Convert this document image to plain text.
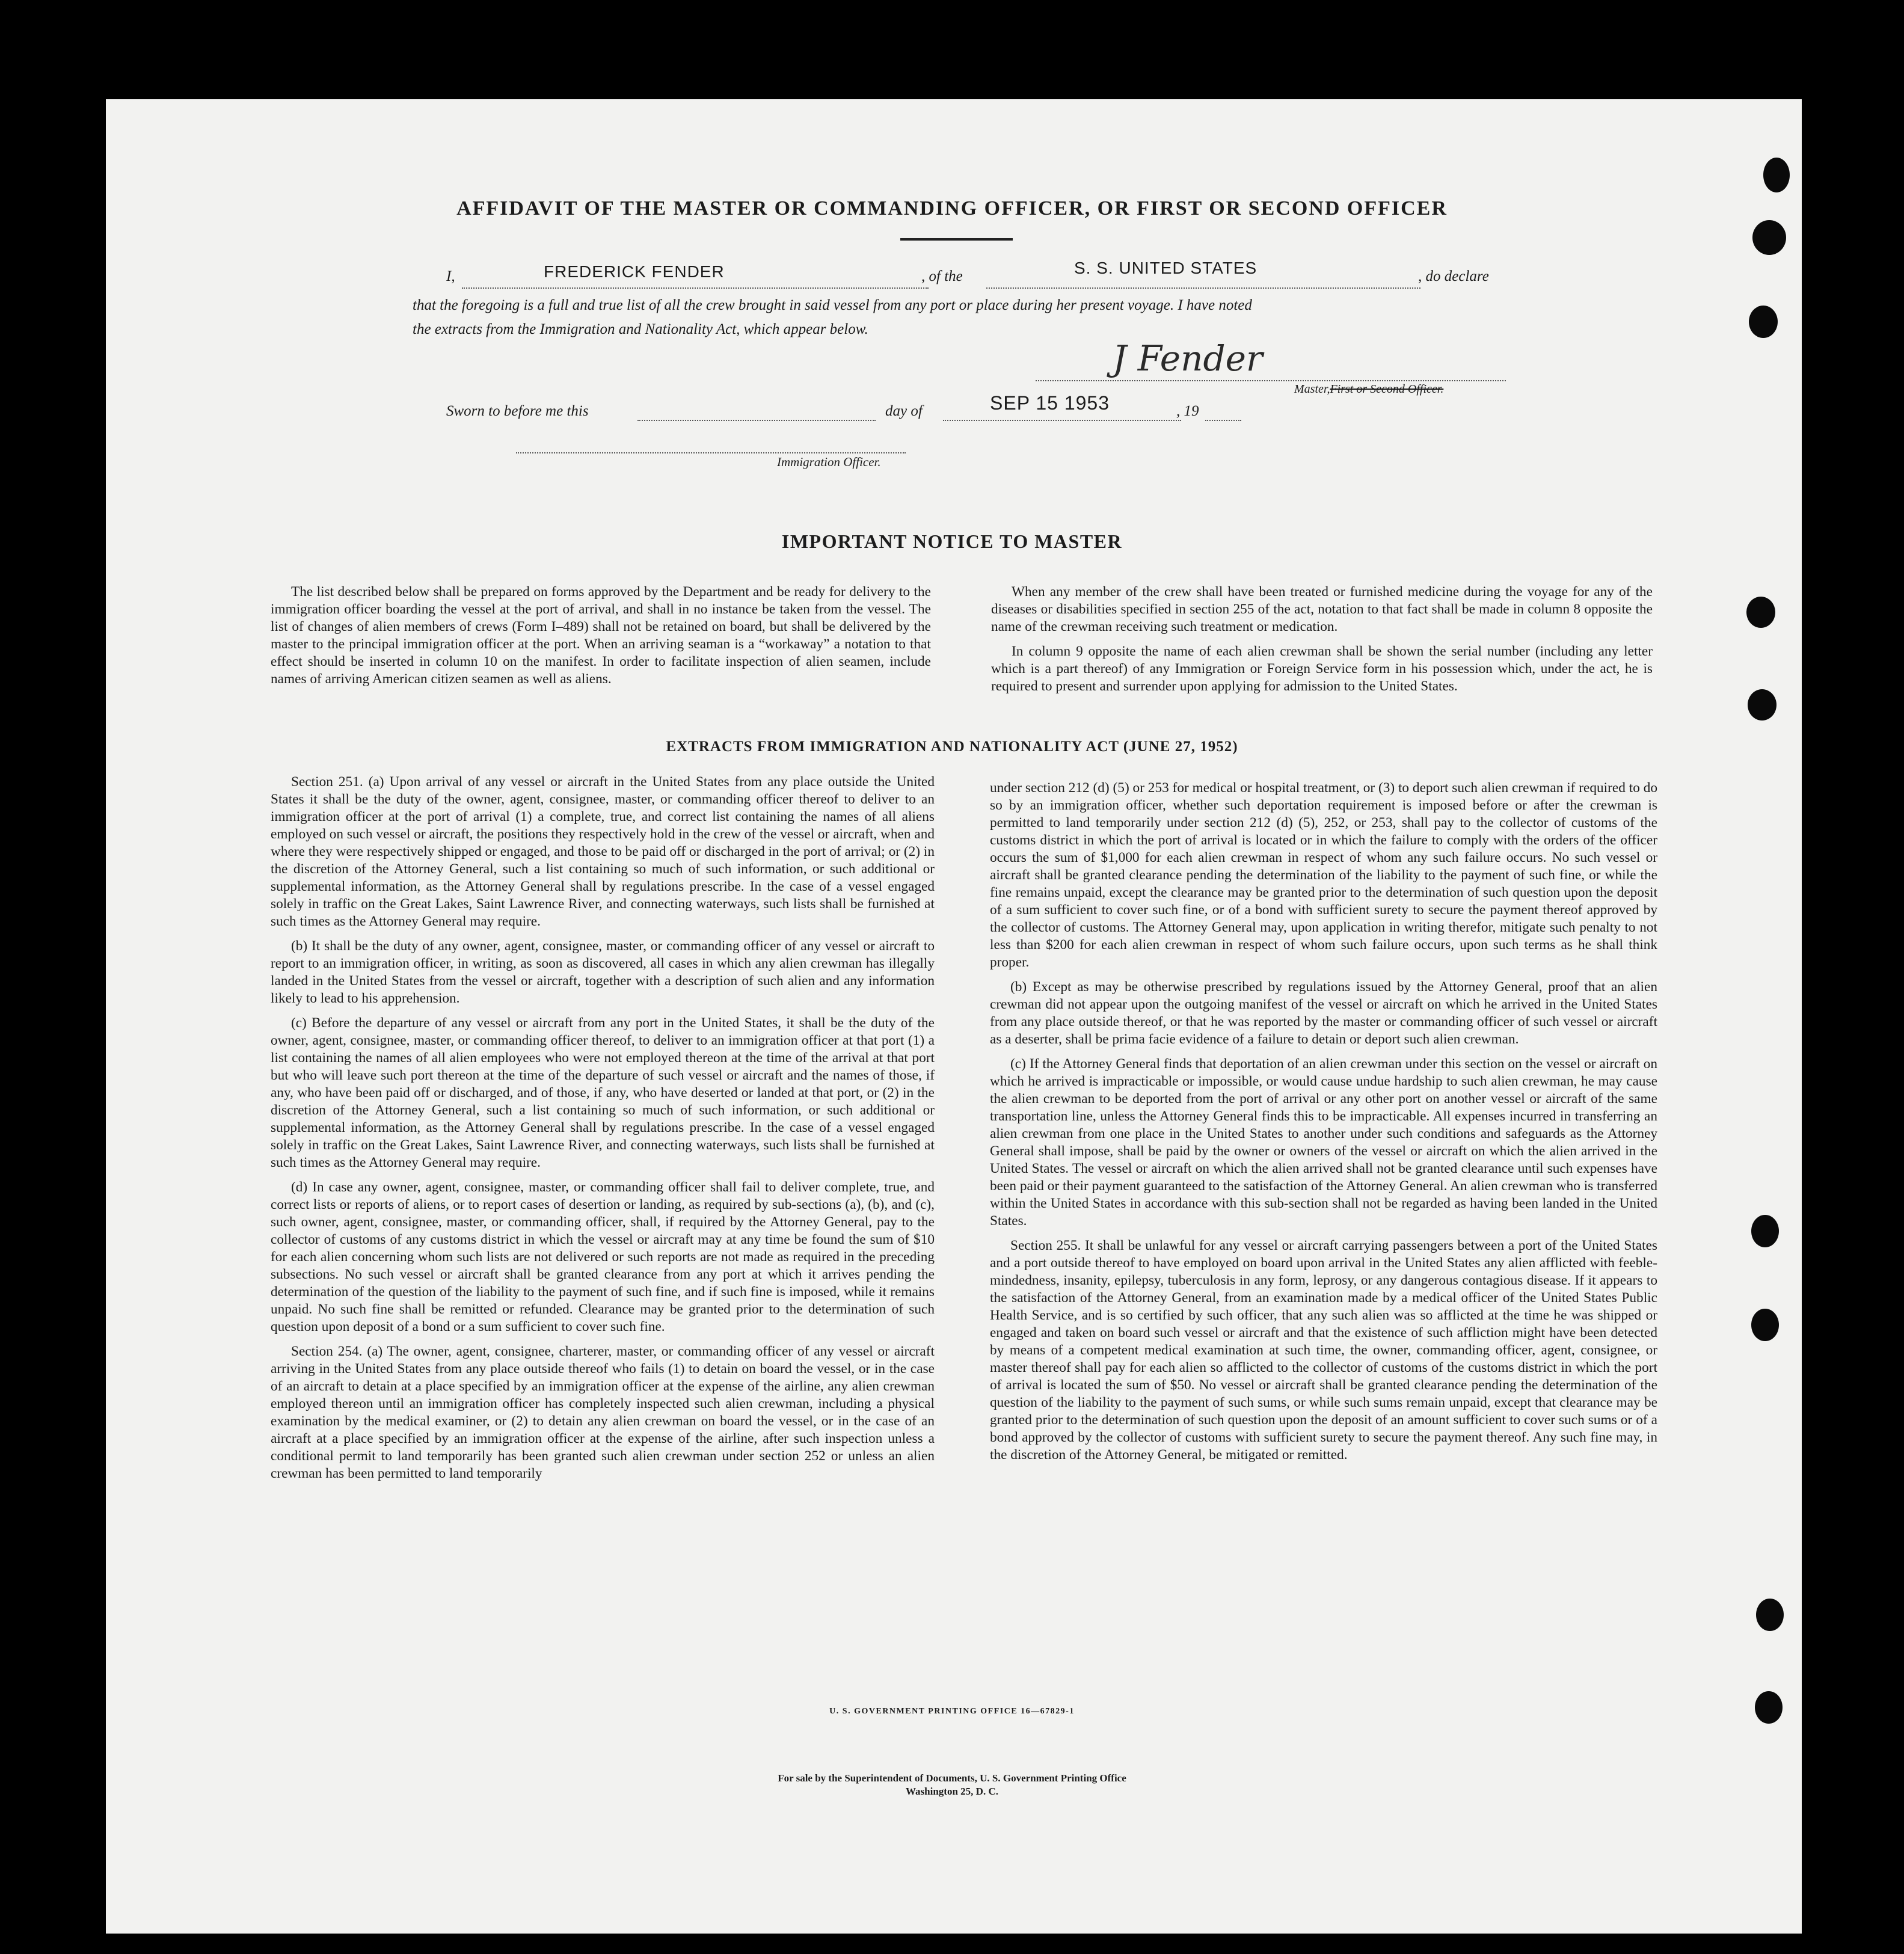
AFFIDAVIT OF THE MASTER OR COMMANDING OFFICER, OR FIRST OR SECOND OFFICER
I,	FREDERICK FENDER	, of the	S. S. UNITED STATES	, do declare
that the foregoing is a full and true list of all the crew brought in said vessel from any port or place during her present voyage. I have noted
the extracts from the Immigration and Nationality Act, which appear below.
J Fender
Master,First or Second Officer.
Sworn to before me this	day of	SEP 15 1953	, 19
Immigration Officer.
IMPORTANT NOTICE TO MASTER

The list described below shall be prepared on forms approved by the Department and be ready for delivery to the immigration officer boarding the vessel at the port of arrival, and shall in no instance be taken from the vessel. The list of changes of alien members of crews (Form I–489) shall not be retained on board, but shall be delivered by the master to the principal immigration officer at the port. When an arriving seaman is a “workaway” a notation to that effect should be inserted in column 10 on the manifest. In order to facilitate inspection of alien seamen, include names of arriving American citizen seamen as well as aliens.

When any member of the crew shall have been treated or furnished medicine during the voyage for any of the diseases or disabilities specified in section 255 of the act, notation to that fact shall be made in column 8 opposite the name of the crewman receiving such treatment or medication.

In column 9 opposite the name of each alien crewman shall be shown the serial number (including any letter which is a part thereof) of any Immigration or Foreign Service form in his possession which, under the act, he is required to present and surrender upon applying for admission to the United States.

EXTRACTS FROM IMMIGRATION AND NATIONALITY ACT (JUNE 27, 1952)

Section 251. (a) Upon arrival of any vessel or aircraft in the United States from any place outside the United States it shall be the duty of the owner, agent, consignee, master, or commanding officer thereof to deliver to an immigration officer at the port of arrival (1) a complete, true, and correct list containing the names of all aliens employed on such vessel or aircraft, the positions they respectively hold in the crew of the vessel or aircraft, when and where they were respectively shipped or engaged, and those to be paid off or discharged in the port of arrival; or (2) in the discretion of the Attorney General, such a list containing so much of such information, or such additional or supplemental information, as the Attorney General shall by regulations prescribe. In the case of a vessel engaged solely in traffic on the Great Lakes, Saint Lawrence River, and connecting waterways, such lists shall be furnished at such times as the Attorney General may require.

(b) It shall be the duty of any owner, agent, consignee, master, or commanding officer of any vessel or aircraft to report to an immigration officer, in writing, as soon as discovered, all cases in which any alien crewman has illegally landed in the United States from the vessel or aircraft, together with a description of such alien and any information likely to lead to his apprehension.

(c) Before the departure of any vessel or aircraft from any port in the United States, it shall be the duty of the owner, agent, consignee, master, or commanding officer thereof, to deliver to an immigration officer at that port (1) a list containing the names of all alien employees who were not employed thereon at the time of the arrival at that port but who will leave such port thereon at the time of the departure of such vessel or aircraft and the names of those, if any, who have been paid off or discharged, and of those, if any, who have deserted or landed at that port, or (2) in the discretion of the Attorney General, such a list containing so much of such information, or such additional or supplemental information, as the Attorney General shall by regulations prescribe. In the case of a vessel engaged solely in traffic on the Great Lakes, Saint Lawrence River, and connecting waterways, such lists shall be furnished at such times as the Attorney General may require.

(d) In case any owner, agent, consignee, master, or commanding officer shall fail to deliver complete, true, and correct lists or reports of aliens, or to report cases of desertion or landing, as required by sub-sections (a), (b), and (c), such owner, agent, consignee, master, or commanding officer, shall, if required by the Attorney General, pay to the collector of customs of any customs district in which the vessel or aircraft may at any time be found the sum of $10 for each alien concerning whom such lists are not delivered or such reports are not made as required in the preceding subsections. No such vessel or aircraft shall be granted clearance from any port at which it arrives pending the determination of the question of the liability to the payment of such fine, and if such fine is imposed, while it remains unpaid. No such fine shall be remitted or refunded. Clearance may be granted prior to the determination of such question upon deposit of a bond or a sum sufficient to cover such fine.

Section 254. (a) The owner, agent, consignee, charterer, master, or commanding officer of any vessel or aircraft arriving in the United States from any place outside thereof who fails (1) to detain on board the vessel, or in the case of an aircraft to detain at a place specified by an immigration officer at the expense of the airline, any alien crewman employed thereon until an immigration officer has completely inspected such alien crewman, including a physical examination by the medical examiner, or (2) to detain any alien crewman on board the vessel, or in the case of an aircraft at a place specified by an immigration officer at the expense of the airline, after such inspection unless a conditional permit to land temporarily has been granted such alien crewman under section 252 or unless an alien crewman has been permitted to land temporarily

under section 212 (d) (5) or 253 for medical or hospital treatment, or (3) to deport such alien crewman if required to do so by an immigration officer, whether such deportation requirement is imposed before or after the crewman is permitted to land temporarily under section 212 (d) (5), 252, or 253, shall pay to the collector of customs of the customs district in which the port of arrival is located or in which the failure to comply with the orders of the officer occurs the sum of $1,000 for each alien crewman in respect of whom any such failure occurs. No such vessel or aircraft shall be granted clearance pending the determination of the liability to the payment of such fine, or while the fine remains unpaid, except the clearance may be granted prior to the determination of such question upon the deposit of a sum sufficient to cover such fine, or of a bond with sufficient surety to secure the payment thereof approved by the collector of customs. The Attorney General may, upon application in writing therefor, mitigate such penalty to not less than $200 for each alien crewman in respect of whom such failure occurs, upon such terms as he shall think proper.

(b) Except as may be otherwise prescribed by regulations issued by the Attorney General, proof that an alien crewman did not appear upon the outgoing manifest of the vessel or aircraft on which he arrived in the United States from any place outside thereof, or that he was reported by the master or commanding officer of such vessel or aircraft as a deserter, shall be prima facie evidence of a failure to detain or deport such alien crewman.

(c) If the Attorney General finds that deportation of an alien crewman under this section on the vessel or aircraft on which he arrived is impracticable or impossible, or would cause undue hardship to such alien crewman, he may cause the alien crewman to be deported from the port of arrival or any other port on another vessel or aircraft of the same transportation line, unless the Attorney General finds this to be impracticable. All expenses incurred in transferring an alien crewman from one place in the United States to another under such conditions and safeguards as the Attorney General shall impose, shall be paid by the owner or owners of the vessel or aircraft on which the alien arrived in the United States. The vessel or aircraft on which the alien arrived shall not be granted clearance until such expenses have been paid or their payment guaranteed to the satisfaction of the Attorney General. An alien crewman who is transferred within the United States in accordance with this sub-section shall not be regarded as having been landed in the United States.

Section 255. It shall be unlawful for any vessel or aircraft carrying passengers between a port of the United States and a port outside thereof to have employed on board upon arrival in the United States any alien afflicted with feeble-mindedness, insanity, epilepsy, tuberculosis in any form, leprosy, or any dangerous contagious disease. If it appears to the satisfaction of the Attorney General, from an examination made by a medical officer of the United States Public Health Service, and is so certified by such officer, that any such alien was so afflicted at the time he was shipped or engaged and taken on board such vessel or aircraft and that the existence of such affliction might have been detected by means of a competent medical examination at such time, the owner, commanding officer, agent, consignee, or master thereof shall pay for each alien so afflicted to the collector of customs of the customs district in which the port of arrival is located the sum of $50. No vessel or aircraft shall be granted clearance pending the determination of the question of the liability to the payment of such sums, or while such sums remain unpaid, except that clearance may be granted prior to the determination of such question upon the deposit of an amount sufficient to cover such sums or of a bond approved by the collector of customs with sufficient surety to secure the payment thereof. Any such fine may, in the discretion of the Attorney General, be mitigated or remitted.

U. S. GOVERNMENT PRINTING OFFICE 16—67829-1
For sale by the Superintendent of Documents, U. S. Government Printing Office
Washington 25, D. C.
